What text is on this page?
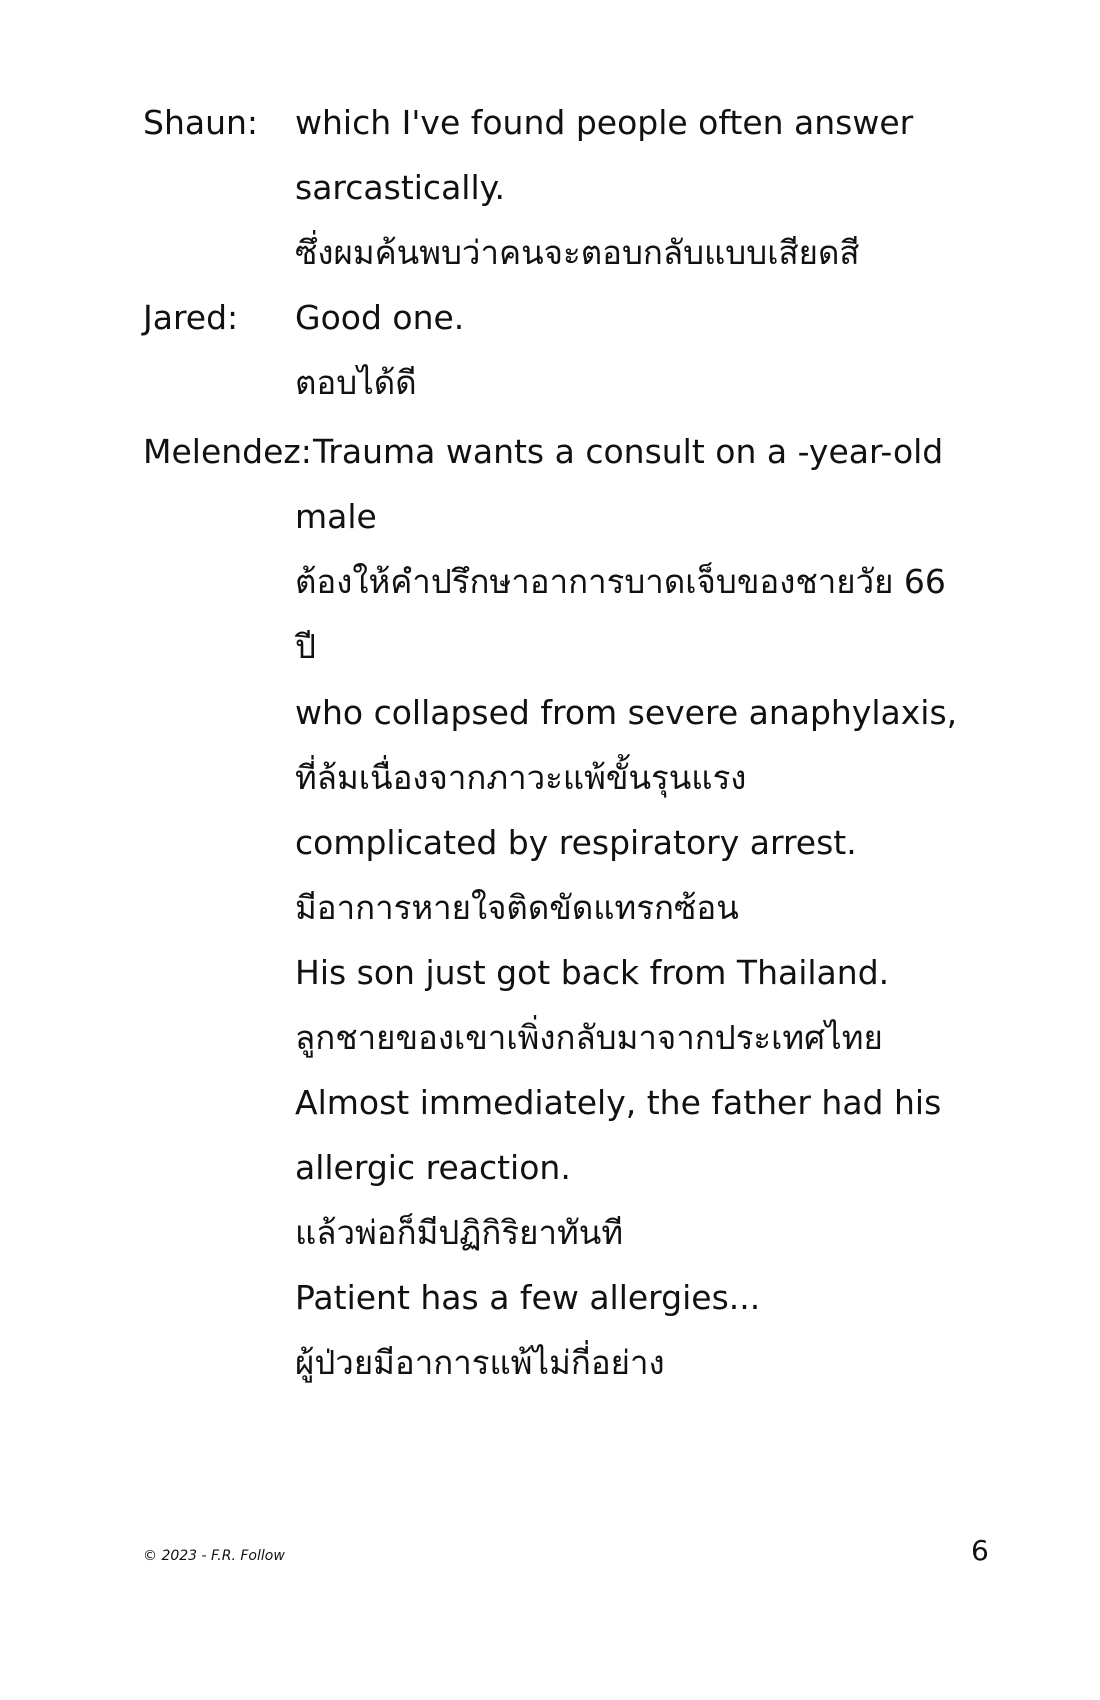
Shaun: which I've found people often answer
sarcastically.
ซึ่งผมค้นพบว่าคนจะตอบกลับแบบเสียดสี
Jared: Good one.
ตอบได้ดี
Melendez: Trauma wants a consult on a -year-old
male
ต้องให้คำปรึกษาอาการบาดเจ็บของชายวัย 66
ปี
who collapsed from severe anaphylaxis,
ที่ล้มเนื่องจากภาวะแพ้ขั้นรุนแรง
complicated by respiratory arrest.
มีอาการหายใจติดขัดแทรกซ้อน
His son just got back from Thailand.
ลูกชายของเขาเพิ่งกลับมาจากประเทศไทย
Almost immediately, the father had his
allergic reaction.
แล้วพ่อก็มีปฏิกิริยาทันที
Patient has a few allergies...
ผู้ป่วยมีอาการแพ้ไม่กี่อย่าง
© 2023 - F.R. Follow	6
